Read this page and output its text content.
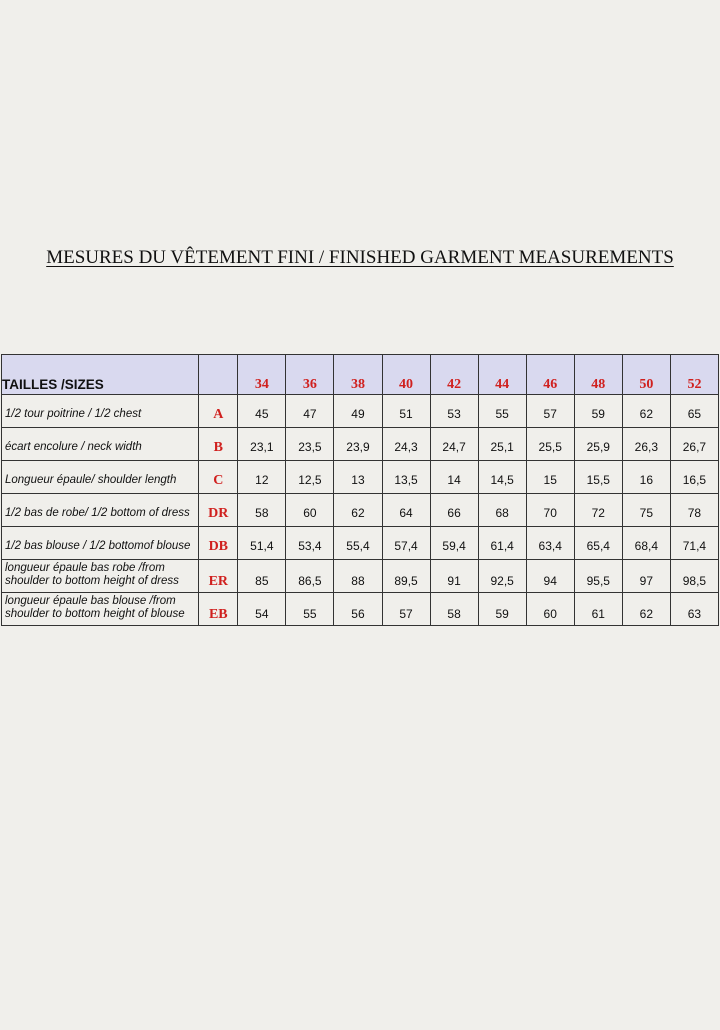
MESURES DU VÊTEMENT FINI / FINISHED GARMENT MEASUREMENTS
TAILLES /SIZES		34	36	38	40	42	44	46	48	50	52

1/2 tour poitrine / 1/2 chest	A	45	47	49	51	53	55	57	59	62	65

écart encolure / neck width	B	23,1	23,5	23,9	24,3	24,7	25,1	25,5	25,9	26,3	26,7

Longueur épaule/ shoulder length	C	12	12,5	13	13,5	14	14,5	15	15,5	16	16,5

1/2 bas de robe/ 1/2 bottom of dress	DR	58	60	62	64	66	68	70	72	75	78

1/2 bas blouse / 1/2 bottomof blouse	DB	51,4	53,4	55,4	57,4	59,4	61,4	63,4	65,4	68,4	71,4

longueur épaule bas robe /from
shoulder to bottom height of dress	ER	85	86,5	88	89,5	91	92,5	94	95,5	97	98,5

longueur épaule bas blouse /from
shoulder to bottom height of blouse	EB	54	55	56	57	58	59	60	61	62	63
